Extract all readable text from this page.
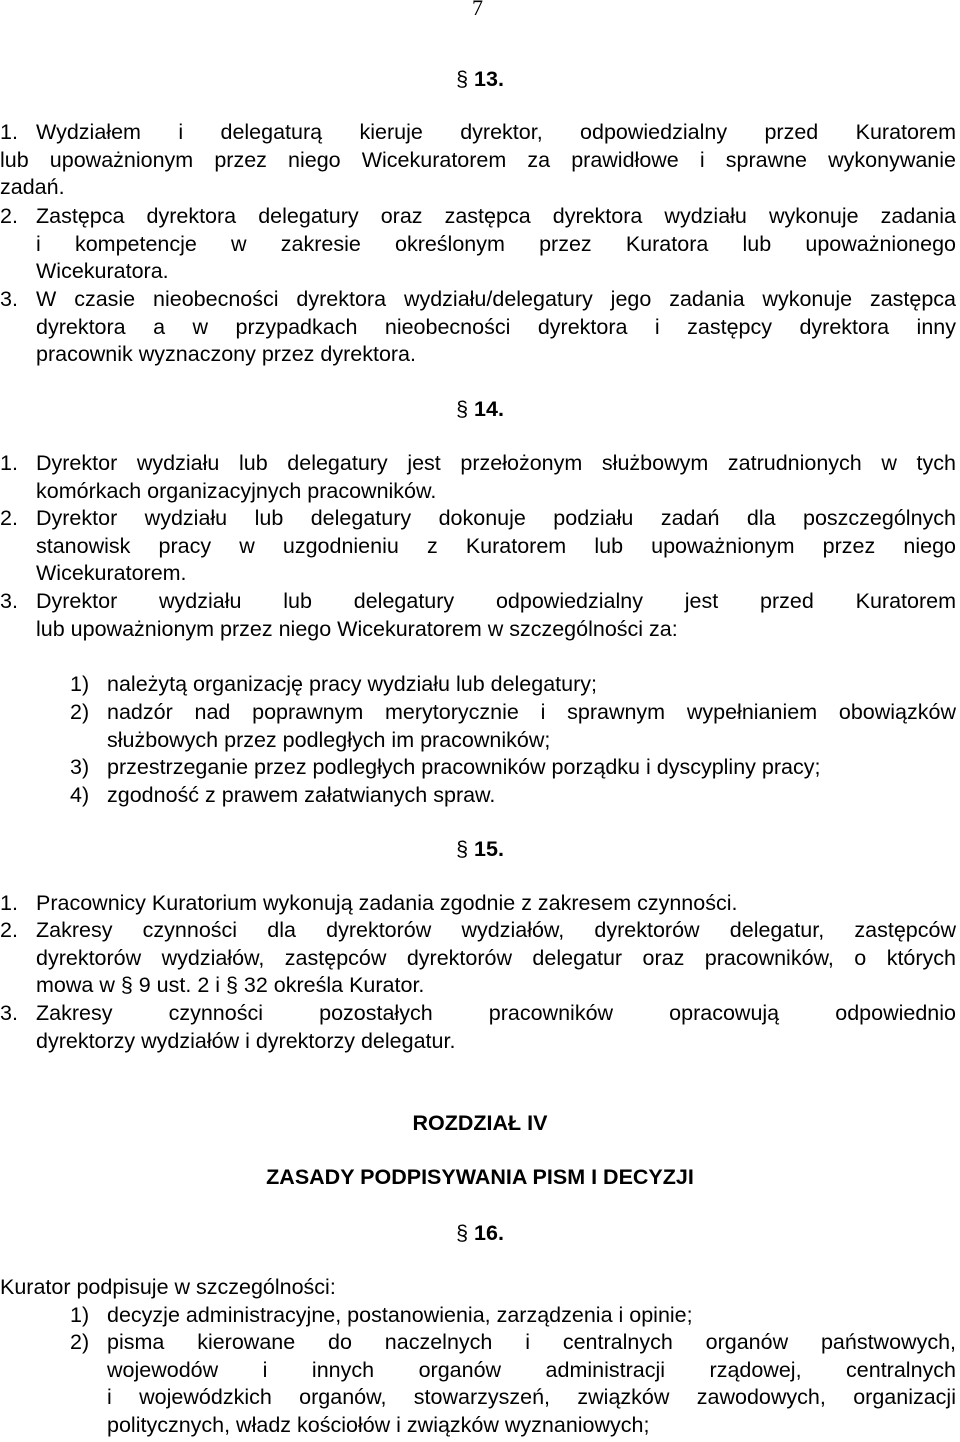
7
§ 13.
1. Wydziałem i delegaturą kieruje dyrektor, odpowiedzialny przed Kuratorem
lub upoważnionym przez niego Wicekuratorem za prawidłowe i sprawne wykonywanie
zadań.
2. Zastępca dyrektora delegatury oraz zastępca dyrektora wydziału wykonuje zadania
i kompetencje w zakresie określonym przez Kuratora lub upoważnionego
Wicekuratora.
3. W czasie nieobecności dyrektora wydziału/delegatury jego zadania wykonuje zastępca
dyrektora a w przypadkach nieobecności dyrektora i zastępcy dyrektora inny
pracownik wyznaczony przez dyrektora.
§ 14.
1. Dyrektor wydziału lub delegatury jest przełożonym służbowym zatrudnionych w tych
komórkach organizacyjnych pracowników.
2. Dyrektor wydziału lub delegatury dokonuje podziału zadań dla poszczególnych
stanowisk pracy w uzgodnieniu z Kuratorem lub upoważnionym przez niego
Wicekuratorem.
3. Dyrektor wydziału lub delegatury odpowiedzialny jest przed Kuratorem
lub upoważnionym przez niego Wicekuratorem w szczególności za:
1) należytą organizację pracy wydziału lub delegatury;
2) nadzór nad poprawnym merytorycznie i sprawnym wypełnianiem obowiązków
służbowych przez podległych im pracowników;
3) przestrzeganie przez podległych pracowników porządku i dyscypliny pracy;
4) zgodność z prawem załatwianych spraw.
§ 15.
1. Pracownicy Kuratorium wykonują zadania zgodnie z zakresem czynności.
2. Zakresy czynności dla dyrektorów wydziałów, dyrektorów delegatur, zastępców
dyrektorów wydziałów, zastępców dyrektorów delegatur oraz pracowników, o których
mowa w § 9 ust. 2 i § 32 określa Kurator.
3. Zakresy czynności pozostałych pracowników opracowują odpowiednio
dyrektorzy wydziałów i dyrektorzy delegatur.
ROZDZIAŁ IV
ZASADY PODPISYWANIA PISM I DECYZJI
§ 16.
Kurator podpisuje w szczególności:
1) decyzje administracyjne, postanowienia, zarządzenia i opinie;
2) pisma kierowane do naczelnych i centralnych organów państwowych,
wojewodów i innych organów administracji rządowej, centralnych
i wojewódzkich organów, stowarzyszeń, związków zawodowych, organizacji
politycznych, władz kościołów i związków wyznaniowych;
